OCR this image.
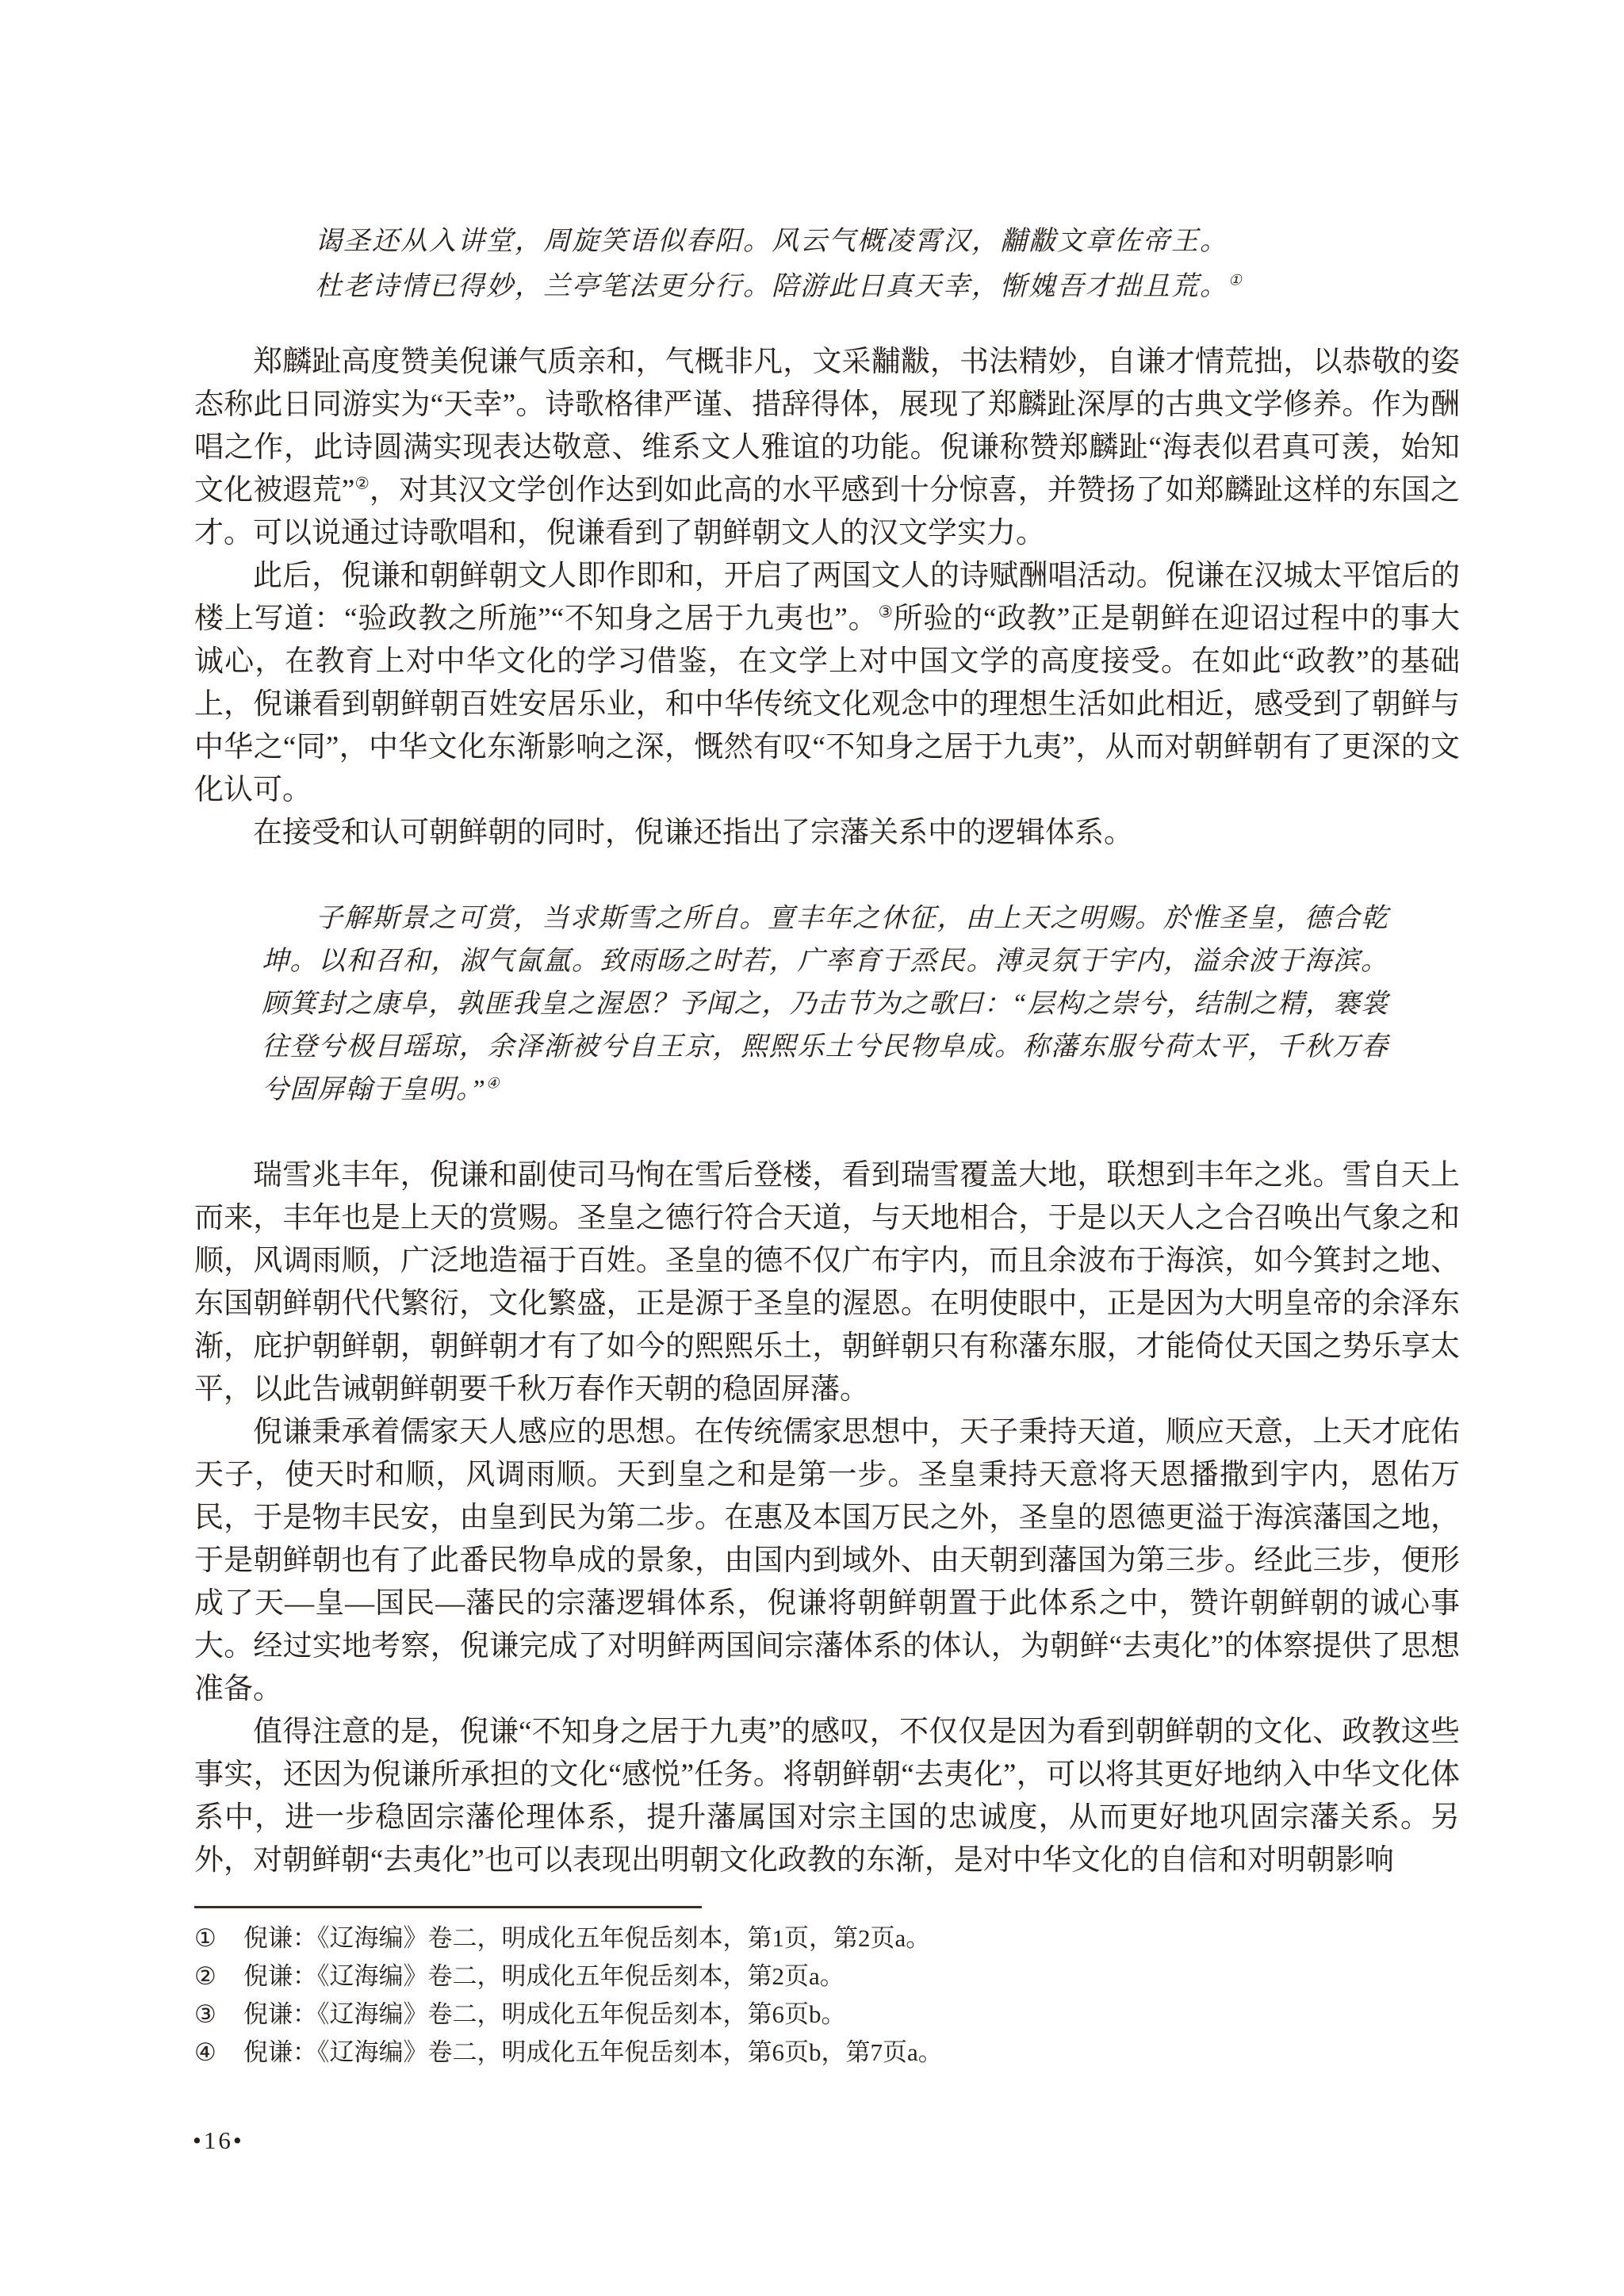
谒圣还从入讲堂，周旋笑语似春阳。风云气概凌霄汉，黼黻文章佐帝王。
杜老诗情已得妙，兰亭笔法更分行。陪游此日真天幸，惭媿吾才拙且荒。①

郑麟趾高度赞美倪谦气质亲和，气概非凡，文采黼黻，书法精妙，自谦才情荒拙，以恭敬的姿态称此日同游实为“天幸”。诗歌格律严谨、措辞得体，展现了郑麟趾深厚的古典文学修养。作为酬唱之作，此诗圆满实现表达敬意、维系文人雅谊的功能。倪谦称赞郑麟趾“海表似君真可羡，始知文化被遐荒”②，对其汉文学创作达到如此高的水平感到十分惊喜，并赞扬了如郑麟趾这样的东国之才。可以说通过诗歌唱和，倪谦看到了朝鲜朝文人的汉文学实力。

此后，倪谦和朝鲜朝文人即作即和，开启了两国文人的诗赋酬唱活动。倪谦在汉城太平馆后的楼上写道：“验政教之所施”“不知身之居于九夷也”。③所验的“政教”正是朝鲜在迎诏过程中的事大诚心，在教育上对中华文化的学习借鉴，在文学上对中国文学的高度接受。在如此“政教”的基础上，倪谦看到朝鲜朝百姓安居乐业，和中华传统文化观念中的理想生活如此相近，感受到了朝鲜与中华之“同”，中华文化东渐影响之深，慨然有叹“不知身之居于九夷”，从而对朝鲜朝有了更深的文化认可。

在接受和认可朝鲜朝的同时，倪谦还指出了宗藩关系中的逻辑体系。

子解斯景之可赏，当求斯雪之所自。亶丰年之休征，由上天之明赐。於惟圣皇，德合乾坤。以和召和，淑气氤氲。致雨旸之时若，广率育于烝民。溥灵氛于宇内，溢余波于海滨。顾箕封之康阜，孰匪我皇之渥恩？予闻之，乃击节为之歌曰：“层构之崇兮，结制之精，褰裳往登兮极目瑶琼，余泽渐被兮自王京，熙熙乐土兮民物阜成。称藩东服兮荷太平，千秋万春兮固屏翰于皇明。”④

瑞雪兆丰年，倪谦和副使司马恂在雪后登楼，看到瑞雪覆盖大地，联想到丰年之兆。雪自天上而来，丰年也是上天的赏赐。圣皇之德行符合天道，与天地相合，于是以天人之合召唤出气象之和顺，风调雨顺，广泛地造福于百姓。圣皇的德不仅广布宇内，而且余波布于海滨，如今箕封之地、东国朝鲜朝代代繁衍，文化繁盛，正是源于圣皇的渥恩。在明使眼中，正是因为大明皇帝的余泽东渐，庇护朝鲜朝，朝鲜朝才有了如今的熙熙乐土，朝鲜朝只有称藩东服，才能倚仗天国之势乐享太平，以此告诫朝鲜朝要千秋万春作天朝的稳固屏藩。

倪谦秉承着儒家天人感应的思想。在传统儒家思想中，天子秉持天道，顺应天意，上天才庇佑天子，使天时和顺，风调雨顺。天到皇之和是第一步。圣皇秉持天意将天恩播撒到宇内，恩佑万民，于是物丰民安，由皇到民为第二步。在惠及本国万民之外，圣皇的恩德更溢于海滨藩国之地，于是朝鲜朝也有了此番民物阜成的景象，由国内到域外、由天朝到藩国为第三步。经此三步，便形成了天—皇—国民—藩民的宗藩逻辑体系，倪谦将朝鲜朝置于此体系之中，赞许朝鲜朝的诚心事大。经过实地考察，倪谦完成了对明鲜两国间宗藩体系的体认，为朝鲜“去夷化”的体察提供了思想准备。

值得注意的是，倪谦“不知身之居于九夷”的感叹，不仅仅是因为看到朝鲜朝的文化、政教这些事实，还因为倪谦所承担的文化“感悦”任务。将朝鲜朝“去夷化”，可以将其更好地纳入中华文化体系中，进一步稳固宗藩伦理体系，提升藩属国对宗主国的忠诚度，从而更好地巩固宗藩关系。另外，对朝鲜朝“去夷化”也可以表现出明朝文化政教的东渐，是对中华文化的自信和对明朝影响

①	倪谦：《辽海编》卷二，明成化五年倪岳刻本，第1页，第2页a。
②	倪谦：《辽海编》卷二，明成化五年倪岳刻本，第2页a。
③	倪谦：《辽海编》卷二，明成化五年倪岳刻本，第6页b。
④	倪谦：《辽海编》卷二，明成化五年倪岳刻本，第6页b，第7页a。
•16•
